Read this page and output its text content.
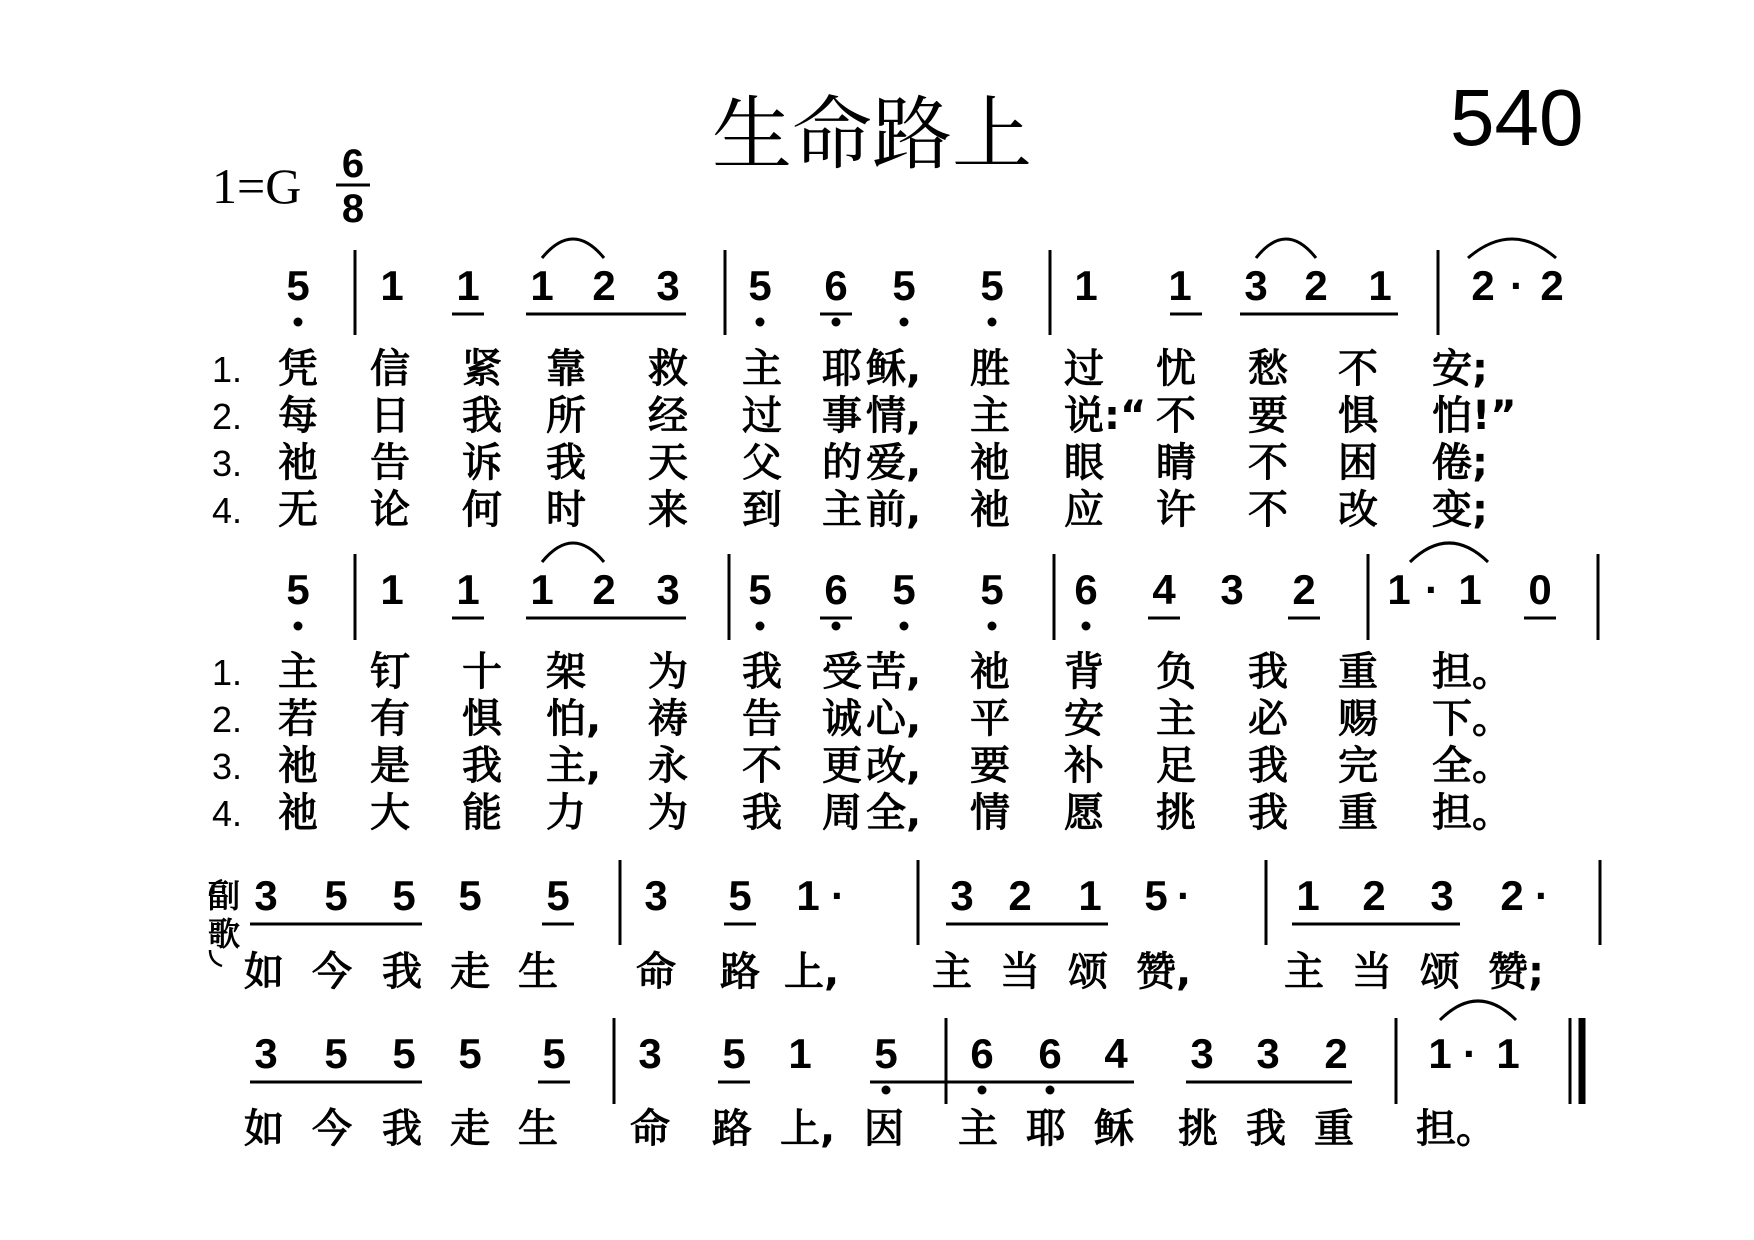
生命路上	540
1=G 6
8
5 1 1 1 2 3 5 6 5 5 1 1 3 2 1 2 · 2
1. 凭 信 紧 靠 救 主 耶 稣, 胜 过 忧 愁 不 安;
2. 每 日 我 所 经 过 事 情, 主 说:“ 不 要 惧 怕!”
3. 祂 告 诉 我 天 父 的 爱, 祂 眼 睛 不 困 倦;
4. 无 论 何 时 来 到 主 前, 祂 应 许 不 改 变;
5 1 1 1 2 3 5 6 5 5 6 4 3 2 1 · 1 0
1. 主 钉 十 架 为 我 受 苦, 祂 背 负 我 重 担。
2. 若 有 惧 怕, 祷 告 诚 心, 平 安 主 必 赐 下。
3. 祂 是 我 主, 永 不 更 改, 要 补 足 我 完 全。
4. 祂 大 能 力 为 我 周 全, 情 愿 挑 我 重 担。
3 5 5 5 5 3 5 1 ·	3 2 1 5 ·	1 2 3 2 ·
副
歌
如 今 我 走 生 命 路 上, 主 当 颂 赞, 主 当 颂 赞;
3 5 5 5 5 3 5 1 5 6 6 4 3 3 2 1 · 1
如 今 我 走 生 命 路 上, 因 主 耶 稣 挑 我 重 担。
